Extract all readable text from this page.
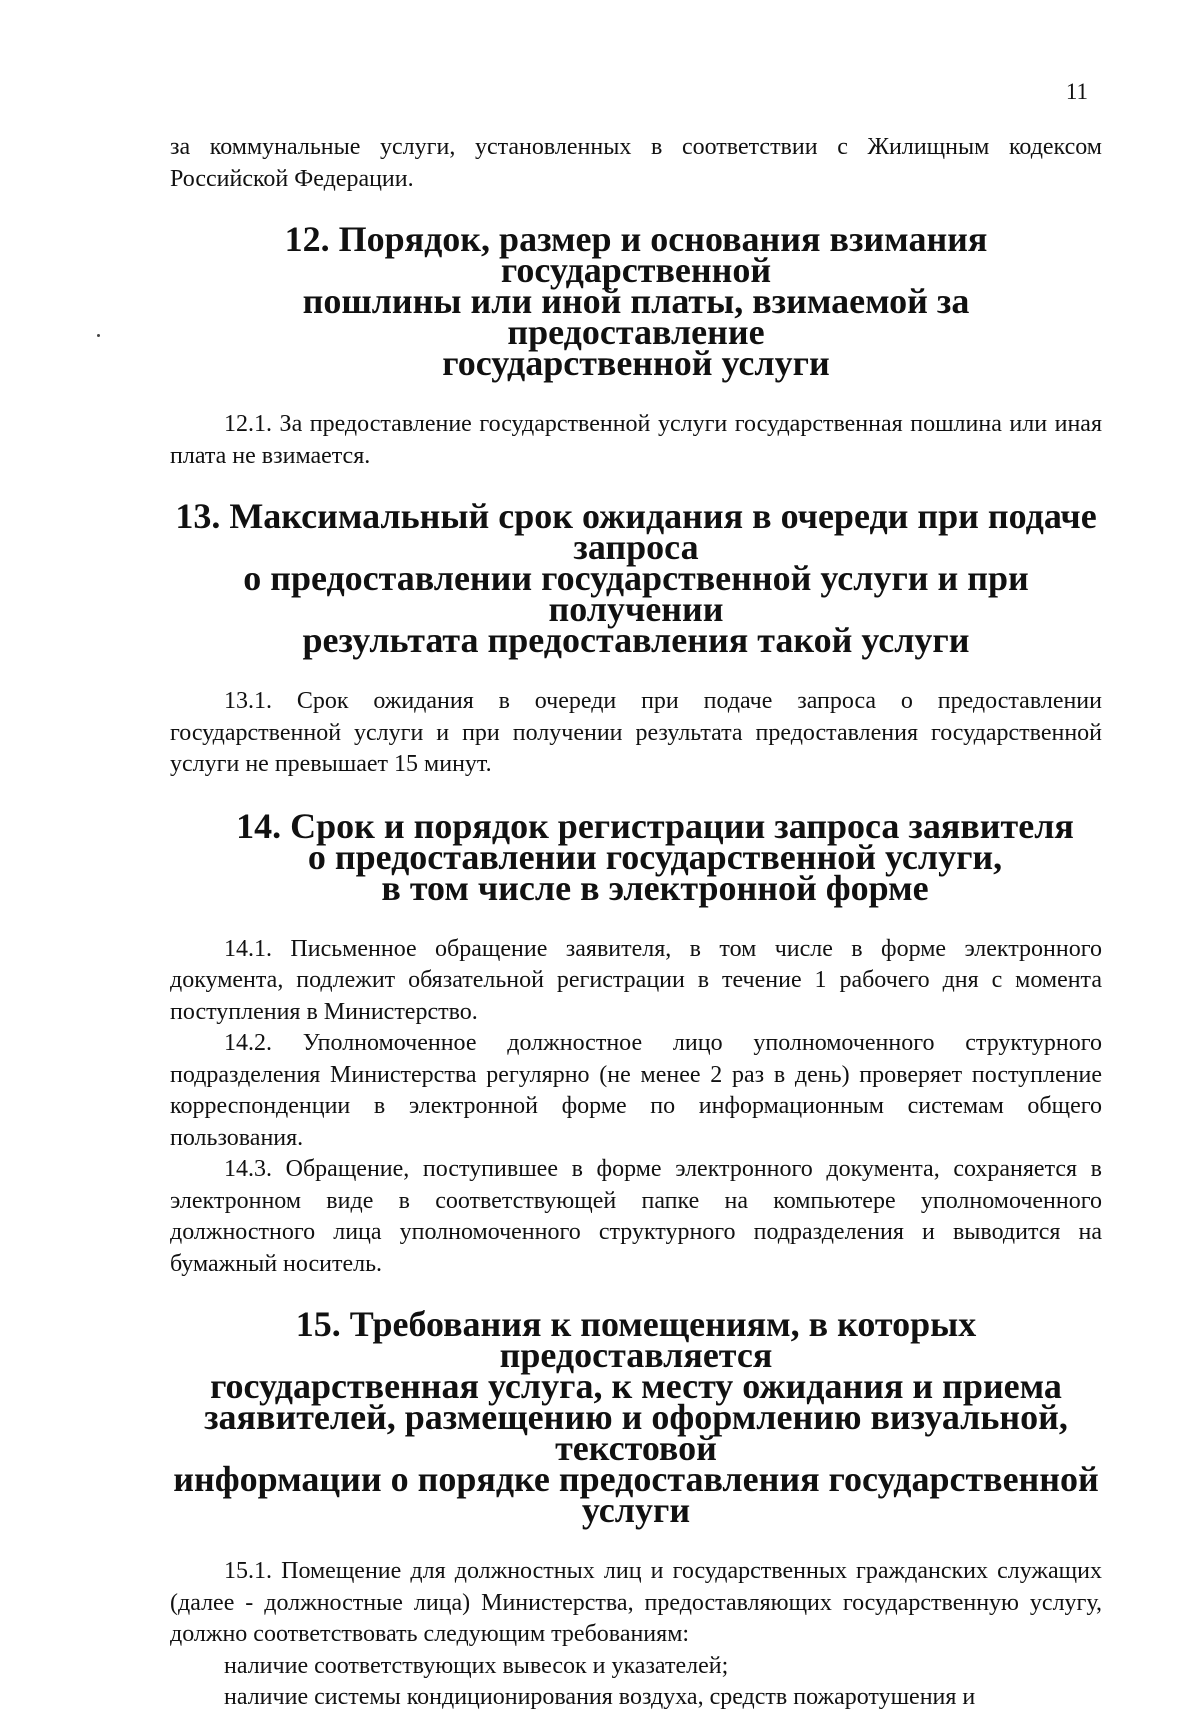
11

за коммунальные услуги, установленных в соответствии с Жилищным кодексом Российской Федерации.

12. Порядок, размер и основания взимания государственной
пошлины или иной платы, взимаемой за предоставление
государственной услуги

12.1. За предоставление государственной услуги государственная пошлина или иная плата не взимается.

13. Максимальный срок ожидания в очереди при подаче запроса
о предоставлении государственной услуги и при получении
результата предоставления такой услуги

13.1. Срок ожидания в очереди при подаче запроса о предоставлении государственной услуги и при получении результата предоставления государственной услуги не превышает 15 минут.

14. Срок и порядок регистрации запроса заявителя
о предоставлении государственной услуги,
в том числе в электронной форме

14.1. Письменное обращение заявителя, в том числе в форме электронного документа, подлежит обязательной регистрации в течение 1 рабочего дня с момента поступления в Министерство.

14.2. Уполномоченное должностное лицо уполномоченного структурного подразделения Министерства регулярно (не менее 2 раз в день) проверяет поступление корреспонденции в электронной форме по информационным системам общего пользования.

14.3. Обращение, поступившее в форме электронного документа, сохраняется в электронном виде в соответствующей папке на компьютере уполномоченного должностного лица уполномоченного структурного подразделения и выводится на бумажный носитель.

15. Требования к помещениям, в которых предоставляется
государственная услуга, к месту ожидания и приема
заявителей, размещению и оформлению визуальной, текстовой
информации о порядке предоставления государственной услуги

15.1. Помещение для должностных лиц и государственных гражданских служащих (далее - должностные лица) Министерства, предоставляющих государственную услугу, должно соответствовать следующим требованиям:

наличие соответствующих вывесок и указателей;

наличие системы кондиционирования воздуха, средств пожаротушения и
